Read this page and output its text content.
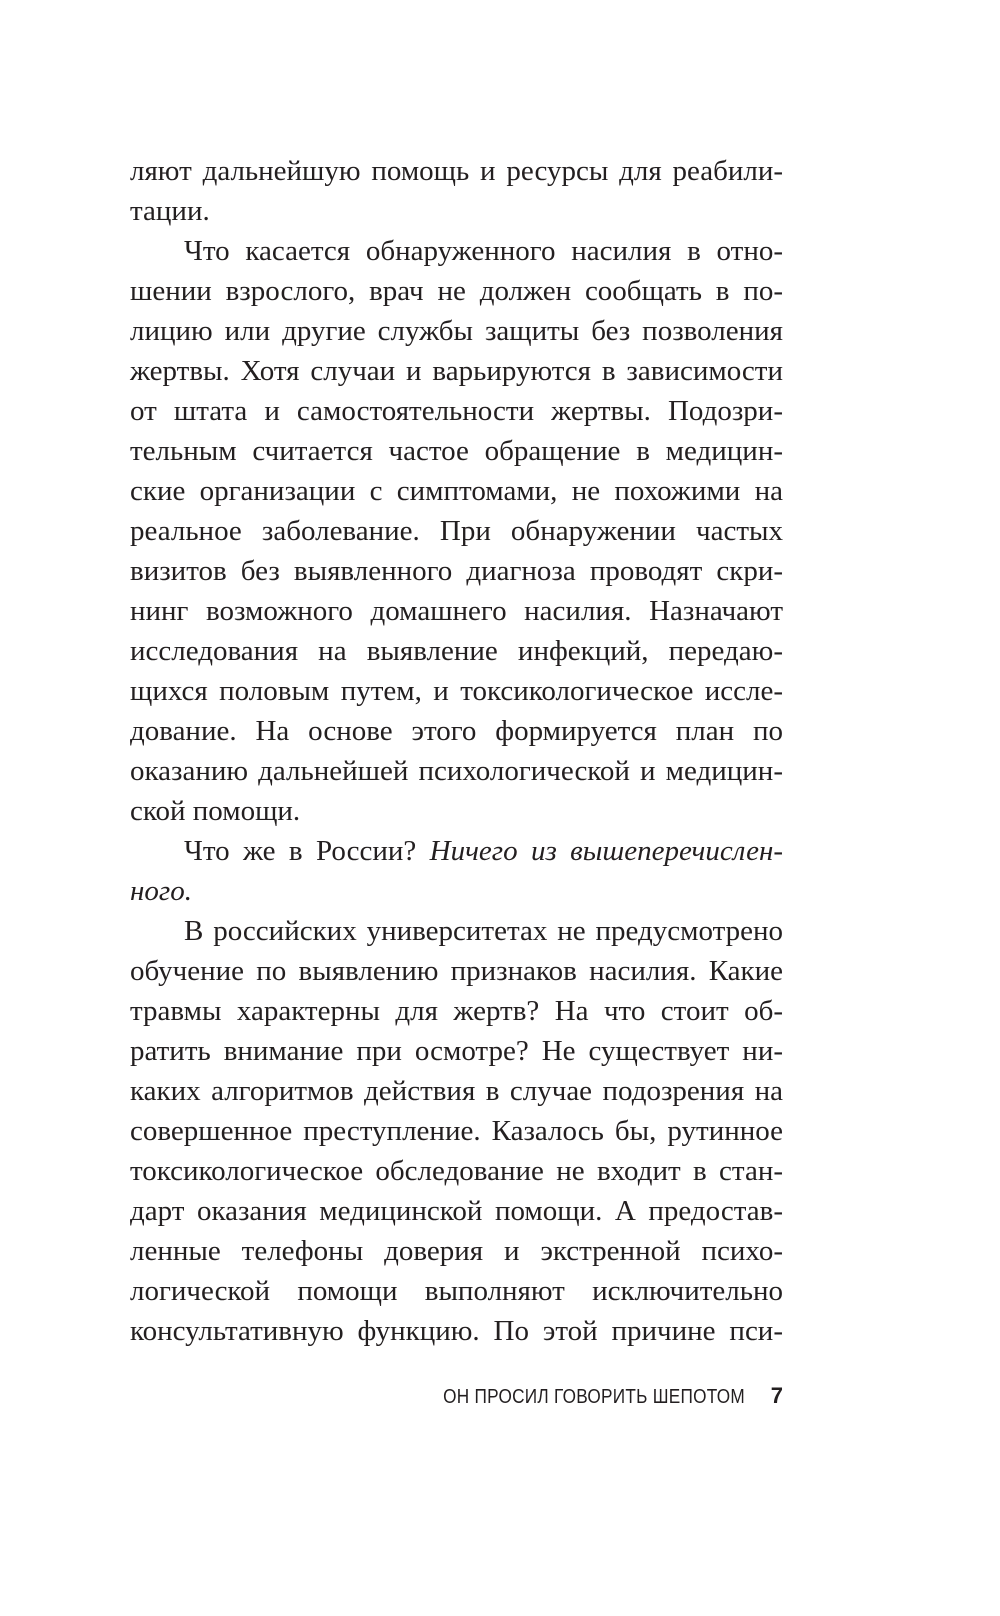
ляют дальнейшую помощь и ресурсы для реабили-
тации.
Что касается обнаруженного насилия в отно-
шении взрослого, врач не должен сообщать в по-
лицию или другие службы защиты без позволения
жертвы. Хотя случаи и варьируются в зависимости
от штата и самостоятельности жертвы. Подозри-
тельным считается частое обращение в медицин-
ские организации с симптомами, не похожими на
реальное заболевание. При обнаружении частых
визитов без выявленного диагноза проводят скри-
нинг возможного домашнего насилия. Назначают
исследования на выявление инфекций, передаю-
щихся половым путем, и токсикологическое иссле-
дование. На основе этого формируется план по
оказанию дальнейшей психологической и медицин-
ской помощи.
Что же в России? Ничего из вышеперечислен-
ного.
В российских университетах не предусмотрено
обучение по выявлению признаков насилия. Какие
травмы характерны для жертв? На что стоит об-
ратить внимание при осмотре? Не существует ни-
каких алгоритмов действия в случае подозрения на
совершенное преступление. Казалось бы, рутинное
токсикологическое обследование не входит в стан-
дарт оказания медицинской помощи. А предостав-
ленные телефоны доверия и экстренной психо-
логической помощи выполняют исключительно
консультативную функцию. По этой причине пси-
ОН ПРОСИЛ ГОВОРИТЬ ШЕПОТОМ 7
